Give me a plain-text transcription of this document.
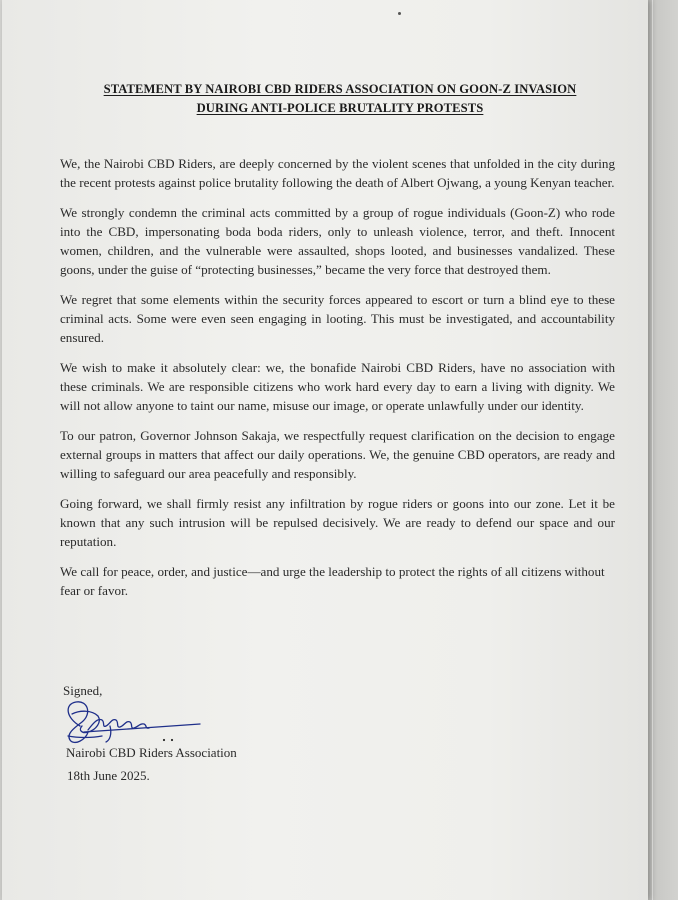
STATEMENT BY NAIROBI CBD RIDERS ASSOCIATION ON GOON-Z INVASION
DURING ANTI-POLICE BRUTALITY PROTESTS

We, the Nairobi CBD Riders, are deeply concerned by the violent scenes that unfolded in the city during the recent protests against police brutality following the death of Albert Ojwang, a young Kenyan teacher.

We strongly condemn the criminal acts committed by a group of rogue individuals (Goon-Z) who rode into the CBD, impersonating boda boda riders, only to unleash violence, terror, and theft. Innocent women, children, and the vulnerable were assaulted, shops looted, and businesses vandalized. These goons, under the guise of “protecting businesses,” became the very force that destroyed them.

We regret that some elements within the security forces appeared to escort or turn a blind eye to these criminal acts. Some were even seen engaging in looting. This must be investigated, and accountability ensured.

We wish to make it absolutely clear: we, the bonafide Nairobi CBD Riders, have no association with these criminals. We are responsible citizens who work hard every day to earn a living with dignity. We will not allow anyone to taint our name, misuse our image, or operate unlawfully under our identity.

To our patron, Governor Johnson Sakaja, we respectfully request clarification on the decision to engage external groups in matters that affect our daily operations. We, the genuine CBD operators, are ready and willing to safeguard our area peacefully and responsibly.

Going forward, we shall firmly resist any infiltration by rogue riders or goons into our zone. Let it be known that any such intrusion will be repulsed decisively. We are ready to defend our space and our reputation.

We call for peace, order, and justice—and urge the leadership to protect the rights of all citizens without fear or favor.

Signed,
Nairobi CBD Riders Association
18th June 2025.
